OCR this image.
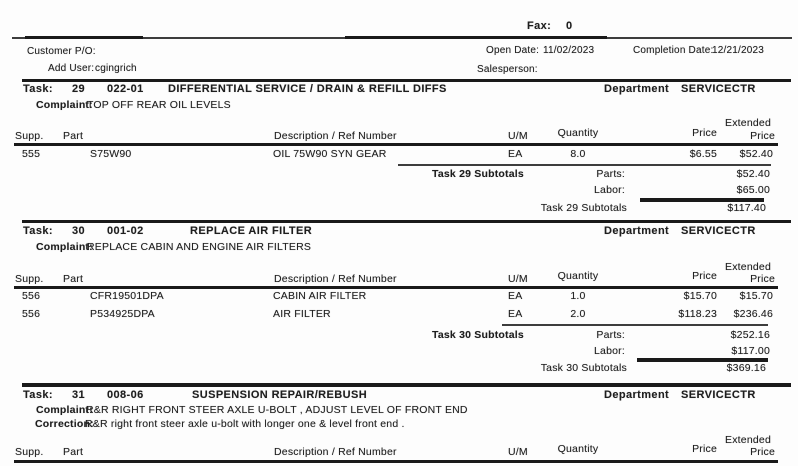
Fax: 0
Customer P/O:	Open Date: 11/02/2023	Completion Date:
12/21/2023
Add User: cgingrich	Salesperson:
Task: 29 022-01 DIFFERENTIAL SERVICE / DRAIN & REFILL DIFFS	Department SERVICECTR
Complaint:
TOP OFF REAR OIL LEVELS
Extended
Supp. Part	Description / Ref Number	U/M	Quantity	Price	Price
555	S75W90	OIL 75W90 SYN GEAR	EA	8.0	$6.55	$52.40
Task 29 Subtotals	Parts:	$52.40
Labor:	$65.00
Task 29 Subtotals	$117.40
Task: 30 001-02	REPLACE AIR FILTER	Department SERVICECTR
Complaint:
REPLACE CABIN AND ENGINE AIR FILTERS
Extended
Supp. Part	Description / Ref Number	U/M	Quantity	Price	Price
556	CFR19501DPA	CABIN AIR FILTER	EA	1.0	$15.70	$15.70
556	P534925DPA	AIR FILTER	EA	2.0	$118.23	$236.46
Task 30 Subtotals	Parts:	$252.16
Labor:	$117.00
Task 30 Subtotals	$369.16
Task: 31 008-06	SUSPENSION REPAIR/REBUSH	Department SERVICECTR
Complaint:
R&R RIGHT FRONT STEER AXLE U-BOLT , ADJUST LEVEL OF FRONT END
Correction:
R&R right front steer axle u-bolt with longer one & level front end .
Extended
Supp. Part	Description / Ref Number	U/M	Quantity	Price	Price
